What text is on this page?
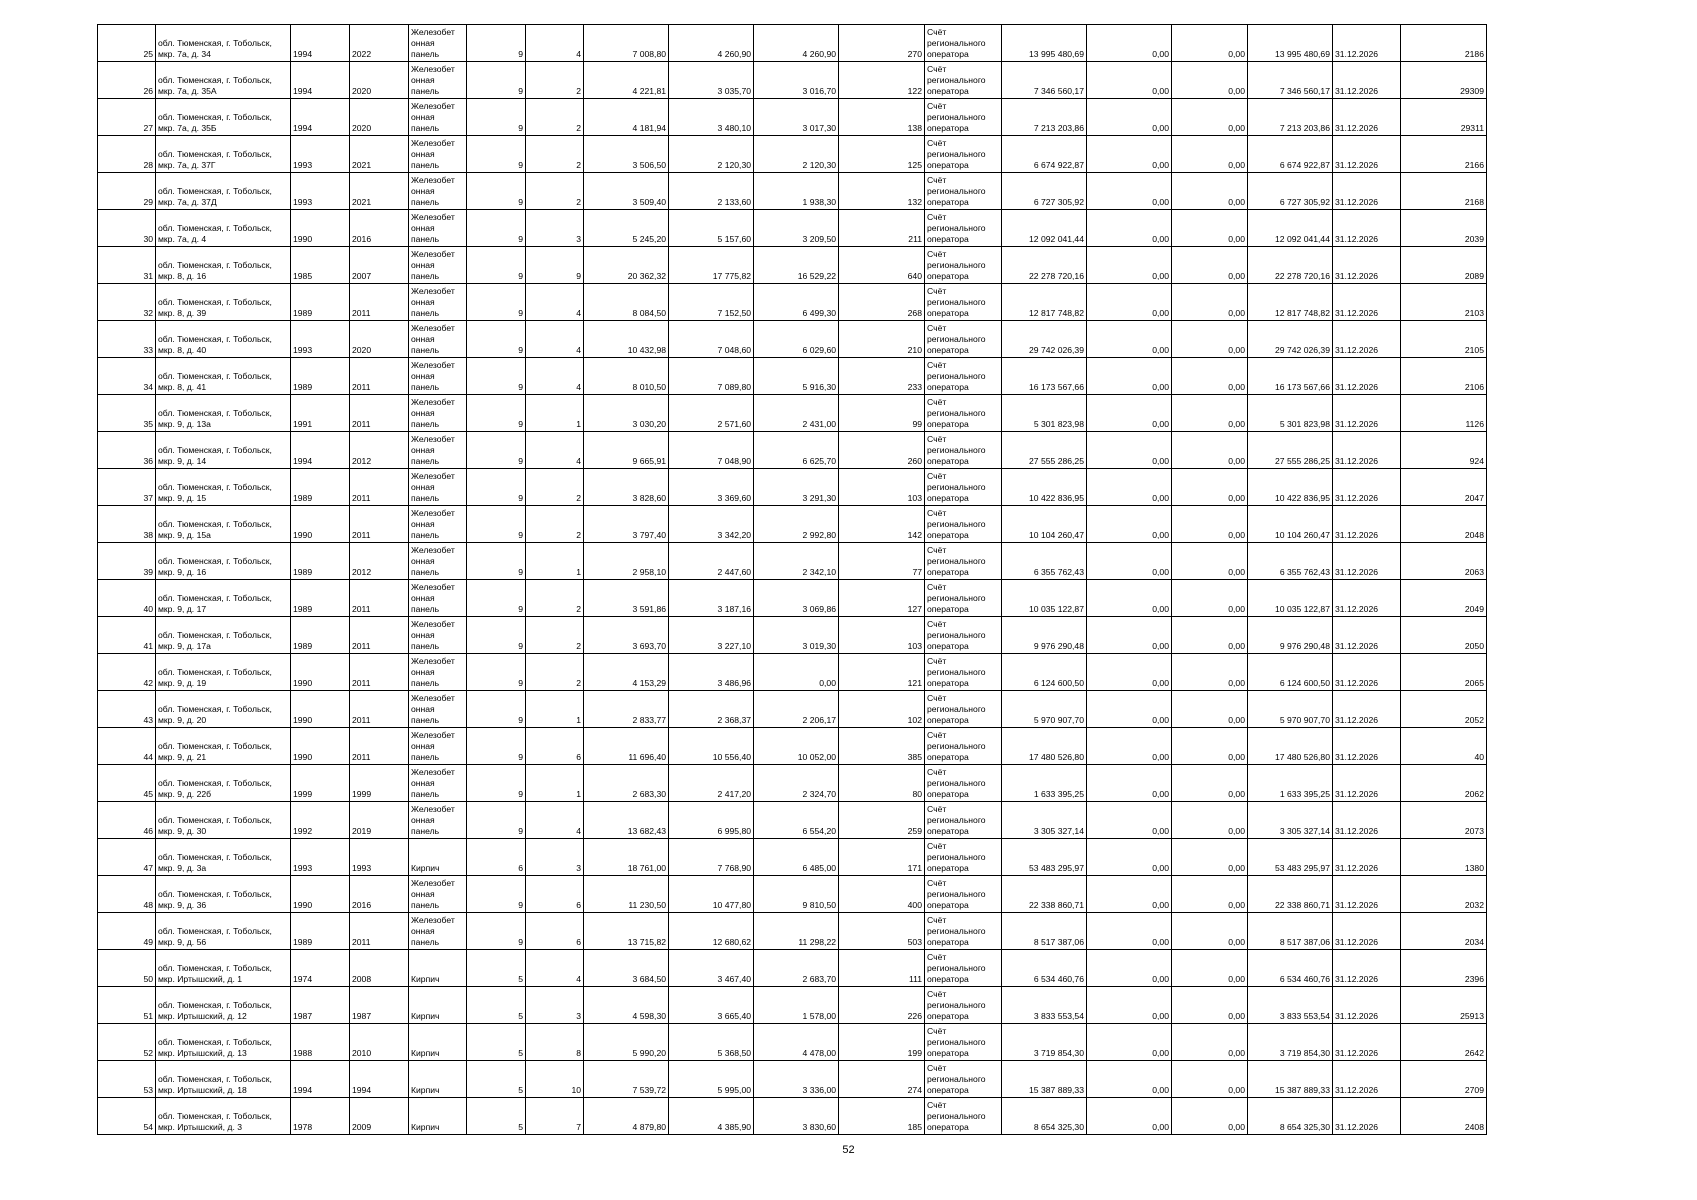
25	обл. Тюменская, г. Тобольск, мкр. 7а, д. 34	1994	2022	Железобет онная панель	9	4	7 008,80	4 260,90	4 260,90	270	Счёт регионального оператора	13 995 480,69	0,00	0,00	13 995 480,69	31.12.2026	2186
26	обл. Тюменская, г. Тобольск, мкр. 7а, д. 35А	1994	2020	Железобет онная панель	9	2	4 221,81	3 035,70	3 016,70	122	Счёт регионального оператора	7 346 560,17	0,00	0,00	7 346 560,17	31.12.2026	29309
27	обл. Тюменская, г. Тобольск, мкр. 7а, д. 35Б	1994	2020	Железобет онная панель	9	2	4 181,94	3 480,10	3 017,30	138	Счёт регионального оператора	7 213 203,86	0,00	0,00	7 213 203,86	31.12.2026	29311
28	обл. Тюменская, г. Тобольск, мкр. 7а, д. 37Г	1993	2021	Железобет онная панель	9	2	3 506,50	2 120,30	2 120,30	125	Счёт регионального оператора	6 674 922,87	0,00	0,00	6 674 922,87	31.12.2026	2166
29	обл. Тюменская, г. Тобольск, мкр. 7а, д. 37Д	1993	2021	Железобет онная панель	9	2	3 509,40	2 133,60	1 938,30	132	Счёт регионального оператора	6 727 305,92	0,00	0,00	6 727 305,92	31.12.2026	2168
30	обл. Тюменская, г. Тобольск, мкр. 7а, д. 4	1990	2016	Железобет онная панель	9	3	5 245,20	5 157,60	3 209,50	211	Счёт регионального оператора	12 092 041,44	0,00	0,00	12 092 041,44	31.12.2026	2039
31	обл. Тюменская, г. Тобольск, мкр. 8, д. 16	1985	2007	Железобет онная панель	9	9	20 362,32	17 775,82	16 529,22	640	Счёт регионального оператора	22 278 720,16	0,00	0,00	22 278 720,16	31.12.2026	2089
32	обл. Тюменская, г. Тобольск, мкр. 8, д. 39	1989	2011	Железобет онная панель	9	4	8 084,50	7 152,50	6 499,30	268	Счёт регионального оператора	12 817 748,82	0,00	0,00	12 817 748,82	31.12.2026	2103
33	обл. Тюменская, г. Тобольск, мкр. 8, д. 40	1993	2020	Железобет онная панель	9	4	10 432,98	7 048,60	6 029,60	210	Счёт регионального оператора	29 742 026,39	0,00	0,00	29 742 026,39	31.12.2026	2105
34	обл. Тюменская, г. Тобольск, мкр. 8, д. 41	1989	2011	Железобет онная панель	9	4	8 010,50	7 089,80	5 916,30	233	Счёт регионального оператора	16 173 567,66	0,00	0,00	16 173 567,66	31.12.2026	2106
35	обл. Тюменская, г. Тобольск, мкр. 9, д. 13а	1991	2011	Железобет онная панель	9	1	3 030,20	2 571,60	2 431,00	99	Счёт регионального оператора	5 301 823,98	0,00	0,00	5 301 823,98	31.12.2026	1126
36	обл. Тюменская, г. Тобольск, мкр. 9, д. 14	1994	2012	Железобет онная панель	9	4	9 665,91	7 048,90	6 625,70	260	Счёт регионального оператора	27 555 286,25	0,00	0,00	27 555 286,25	31.12.2026	924
37	обл. Тюменская, г. Тобольск, мкр. 9, д. 15	1989	2011	Железобет онная панель	9	2	3 828,60	3 369,60	3 291,30	103	Счёт регионального оператора	10 422 836,95	0,00	0,00	10 422 836,95	31.12.2026	2047
38	обл. Тюменская, г. Тобольск, мкр. 9, д. 15а	1990	2011	Железобет онная панель	9	2	3 797,40	3 342,20	2 992,80	142	Счёт регионального оператора	10 104 260,47	0,00	0,00	10 104 260,47	31.12.2026	2048
39	обл. Тюменская, г. Тобольск, мкр. 9, д. 16	1989	2012	Железобет онная панель	9	1	2 958,10	2 447,60	2 342,10	77	Счёт регионального оператора	6 355 762,43	0,00	0,00	6 355 762,43	31.12.2026	2063
40	обл. Тюменская, г. Тобольск, мкр. 9, д. 17	1989	2011	Железобет онная панель	9	2	3 591,86	3 187,16	3 069,86	127	Счёт регионального оператора	10 035 122,87	0,00	0,00	10 035 122,87	31.12.2026	2049
41	обл. Тюменская, г. Тобольск, мкр. 9, д. 17а	1989	2011	Железобет онная панель	9	2	3 693,70	3 227,10	3 019,30	103	Счёт регионального оператора	9 976 290,48	0,00	0,00	9 976 290,48	31.12.2026	2050
42	обл. Тюменская, г. Тобольск, мкр. 9, д. 19	1990	2011	Железобет онная панель	9	2	4 153,29	3 486,96	0,00	121	Счёт регионального оператора	6 124 600,50	0,00	0,00	6 124 600,50	31.12.2026	2065
43	обл. Тюменская, г. Тобольск, мкр. 9, д. 20	1990	2011	Железобет онная панель	9	1	2 833,77	2 368,37	2 206,17	102	Счёт регионального оператора	5 970 907,70	0,00	0,00	5 970 907,70	31.12.2026	2052
44	обл. Тюменская, г. Тобольск, мкр. 9, д. 21	1990	2011	Железобет онная панель	9	6	11 696,40	10 556,40	10 052,00	385	Счёт регионального оператора	17 480 526,80	0,00	0,00	17 480 526,80	31.12.2026	40
45	обл. Тюменская, г. Тобольск, мкр. 9, д. 22б	1999	1999	Железобет онная панель	9	1	2 683,30	2 417,20	2 324,70	80	Счёт регионального оператора	1 633 395,25	0,00	0,00	1 633 395,25	31.12.2026	2062
46	обл. Тюменская, г. Тобольск, мкр. 9, д. 30	1992	2019	Железобет онная панель	9	4	13 682,43	6 995,80	6 554,20	259	Счёт регионального оператора	3 305 327,14	0,00	0,00	3 305 327,14	31.12.2026	2073
47	обл. Тюменская, г. Тобольск, мкр. 9, д. 3а	1993	1993	Кирпич	6	3	18 761,00	7 768,90	6 485,00	171	Счёт регионального оператора	53 483 295,97	0,00	0,00	53 483 295,97	31.12.2026	1380
48	обл. Тюменская, г. Тобольск, мкр. 9, д. 36	1990	2016	Железобет онная панель	9	6	11 230,50	10 477,80	9 810,50	400	Счёт регионального оператора	22 338 860,71	0,00	0,00	22 338 860,71	31.12.2026	2032
49	обл. Тюменская, г. Тобольск, мкр. 9, д. 56	1989	2011	Железобет онная панель	9	6	13 715,82	12 680,62	11 298,22	503	Счёт регионального оператора	8 517 387,06	0,00	0,00	8 517 387,06	31.12.2026	2034
50	обл. Тюменская, г. Тобольск, мкр. Иртышский, д. 1	1974	2008	Кирпич	5	4	3 684,50	3 467,40	2 683,70	111	Счёт регионального оператора	6 534 460,76	0,00	0,00	6 534 460,76	31.12.2026	2396
51	обл. Тюменская, г. Тобольск, мкр. Иртышский, д. 12	1987	1987	Кирпич	5	3	4 598,30	3 665,40	1 578,00	226	Счёт регионального оператора	3 833 553,54	0,00	0,00	3 833 553,54	31.12.2026	25913
52	обл. Тюменская, г. Тобольск, мкр. Иртышский, д. 13	1988	2010	Кирпич	5	8	5 990,20	5 368,50	4 478,00	199	Счёт регионального оператора	3 719 854,30	0,00	0,00	3 719 854,30	31.12.2026	2642
53	обл. Тюменская, г. Тобольск, мкр. Иртышский, д. 18	1994	1994	Кирпич	5	10	7 539,72	5 995,00	3 336,00	274	Счёт регионального оператора	15 387 889,33	0,00	0,00	15 387 889,33	31.12.2026	2709
54	обл. Тюменская, г. Тобольск, мкр. Иртышский, д. 3	1978	2009	Кирпич	5	7	4 879,80	4 385,90	3 830,60	185	Счёт регионального оператора	8 654 325,30	0,00	0,00	8 654 325,30	31.12.2026	2408
52
